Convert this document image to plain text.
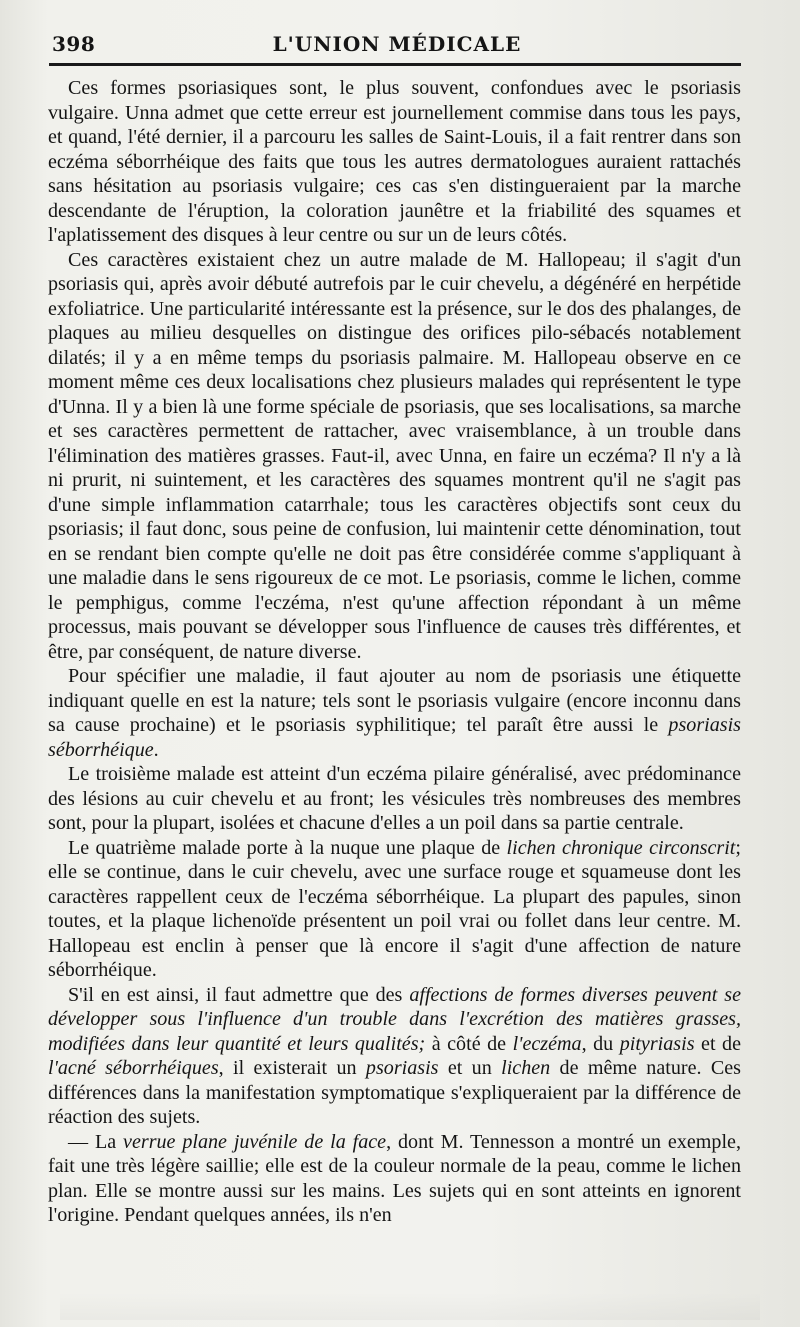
398	L'UNION MÉDICALE

Ces formes psoriasiques sont, le plus souvent, confondues avec le psoriasis vulgaire. Unna admet que cette erreur est journellement commise dans tous les pays, et quand, l'été dernier, il a parcouru les salles de Saint-Louis, il a fait rentrer dans son eczéma séborrhéique des faits que tous les autres dermatologues auraient rattachés sans hésitation au psoriasis vulgaire; ces cas s'en distingueraient par la marche descendante de l'éruption, la coloration jaunêtre et la friabilité des squames et l'aplatissement des disques à leur centre ou sur un de leurs côtés.

Ces caractères existaient chez un autre malade de M. Hallopeau; il s'agit d'un psoriasis qui, après avoir débuté autrefois par le cuir chevelu, a dégénéré en herpétide exfoliatrice. Une particularité intéressante est la présence, sur le dos des phalanges, de plaques au milieu desquelles on distingue des orifices pilo-sébacés notablement dilatés; il y a en même temps du psoriasis palmaire. M. Hallopeau observe en ce moment même ces deux localisations chez plusieurs malades qui représentent le type d'Unna. Il y a bien là une forme spéciale de psoriasis, que ses localisations, sa marche et ses caractères permettent de rattacher, avec vraisemblance, à un trouble dans l'élimination des matières grasses. Faut-il, avec Unna, en faire un eczéma? Il n'y a là ni prurit, ni suintement, et les caractères des squames montrent qu'il ne s'agit pas d'une simple inflammation catarrhale; tous les caractères objectifs sont ceux du psoriasis; il faut donc, sous peine de confusion, lui maintenir cette dénomination, tout en se rendant bien compte qu'elle ne doit pas être considérée comme s'appliquant à une maladie dans le sens rigoureux de ce mot. Le psoriasis, comme le lichen, comme le pemphigus, comme l'eczéma, n'est qu'une affection répondant à un même processus, mais pouvant se développer sous l'influence de causes très différentes, et être, par conséquent, de nature diverse.

Pour spécifier une maladie, il faut ajouter au nom de psoriasis une étiquette indiquant quelle en est la nature; tels sont le psoriasis vulgaire (encore inconnu dans sa cause prochaine) et le psoriasis syphilitique; tel paraît être aussi le psoriasis séborrhéique.

Le troisième malade est atteint d'un eczéma pilaire généralisé, avec prédominance des lésions au cuir chevelu et au front; les vésicules très nombreuses des membres sont, pour la plupart, isolées et chacune d'elles a un poil dans sa partie centrale.

Le quatrième malade porte à la nuque une plaque de lichen chronique circonscrit; elle se continue, dans le cuir chevelu, avec une surface rouge et squameuse dont les caractères rappellent ceux de l'eczéma séborrhéique. La plupart des papules, sinon toutes, et la plaque lichenoïde présentent un poil vrai ou follet dans leur centre. M. Hallopeau est enclin à penser que là encore il s'agit d'une affection de nature séborrhéique.

S'il en est ainsi, il faut admettre que des affections de formes diverses peuvent se développer sous l'influence d'un trouble dans l'excrétion des matières grasses, modifiées dans leur quantité et leurs qualités; à côté de l'eczéma, du pityriasis et de l'acné séborrhéiques, il existerait un psoriasis et un lichen de même nature. Ces différences dans la manifestation symptomatique s'expliqueraient par la différence de réaction des sujets.

— La verrue plane juvénile de la face, dont M. Tennesson a montré un exemple, fait une très légère saillie; elle est de la couleur normale de la peau, comme le lichen plan. Elle se montre aussi sur les mains. Les sujets qui en sont atteints en ignorent l'origine. Pendant quelques années, ils n'en
